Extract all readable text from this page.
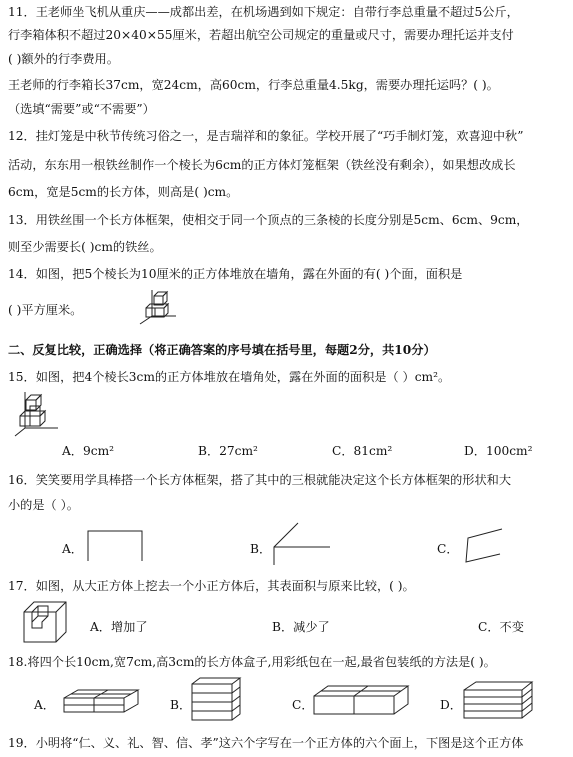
11．王老师坐飞机从重庆——成都出差，在机场遇到如下规定：自带行李总重量不超过5公斤，
行李箱体积不超过20×40×55厘米，若超出航空公司规定的重量或尺寸，需要办理托运并支付
( )额外的行李费用。
王老师的行李箱长37cm，宽24cm，高60cm，行李总重量4.5kg，需要办理托运吗？( )。
（选填“需要”或“不需要”）
12．挂灯笼是中秋节传统习俗之一，是吉瑞祥和的象征。学校开展了“巧手制灯笼，欢喜迎中秋”
活动，东东用一根铁丝制作一个棱长为6cm的正方体灯笼框架（铁丝没有剩余），如果想改成长
6cm，宽是5cm的长方体，则高是( )cm。
13．用铁丝围一个长方体框架，使相交于同一个顶点的三条棱的长度分别是5cm、6cm、9cm，
则至少需要长( )cm的铁丝。
14．如图，把5个棱长为10厘米的正方体堆放在墙角，露在外面的有( )个面，面积是
( )平方厘米。
二、反复比较，正确选择（将正确答案的序号填在括号里，每题2分，共10分）
15．如图，把4个棱长3cm的正方体堆放在墙角处，露在外面的面积是（ ）cm²。
A．9cm²	B．27cm²	C．81cm²	D．100cm²
16．笑笑要用学具棒搭一个长方体框架，搭了其中的三根就能决定这个长方体框架的形状和大
小的是（ ）。
A．	B．	C．
17．如图，从大正方体上挖去一个小正方体后，其表面积与原来比较，( )。
A．增加了	B．减少了	C．不变
18.将四个长10cm,宽7cm,高3cm的长方体盒子,用彩纸包在一起,最省包装纸的方法是( )。
A．	B．	C．	D．
19．小明将“仁、义、礼、智、信、孝”这六个字写在一个正方体的六个面上，下图是这个正方体
